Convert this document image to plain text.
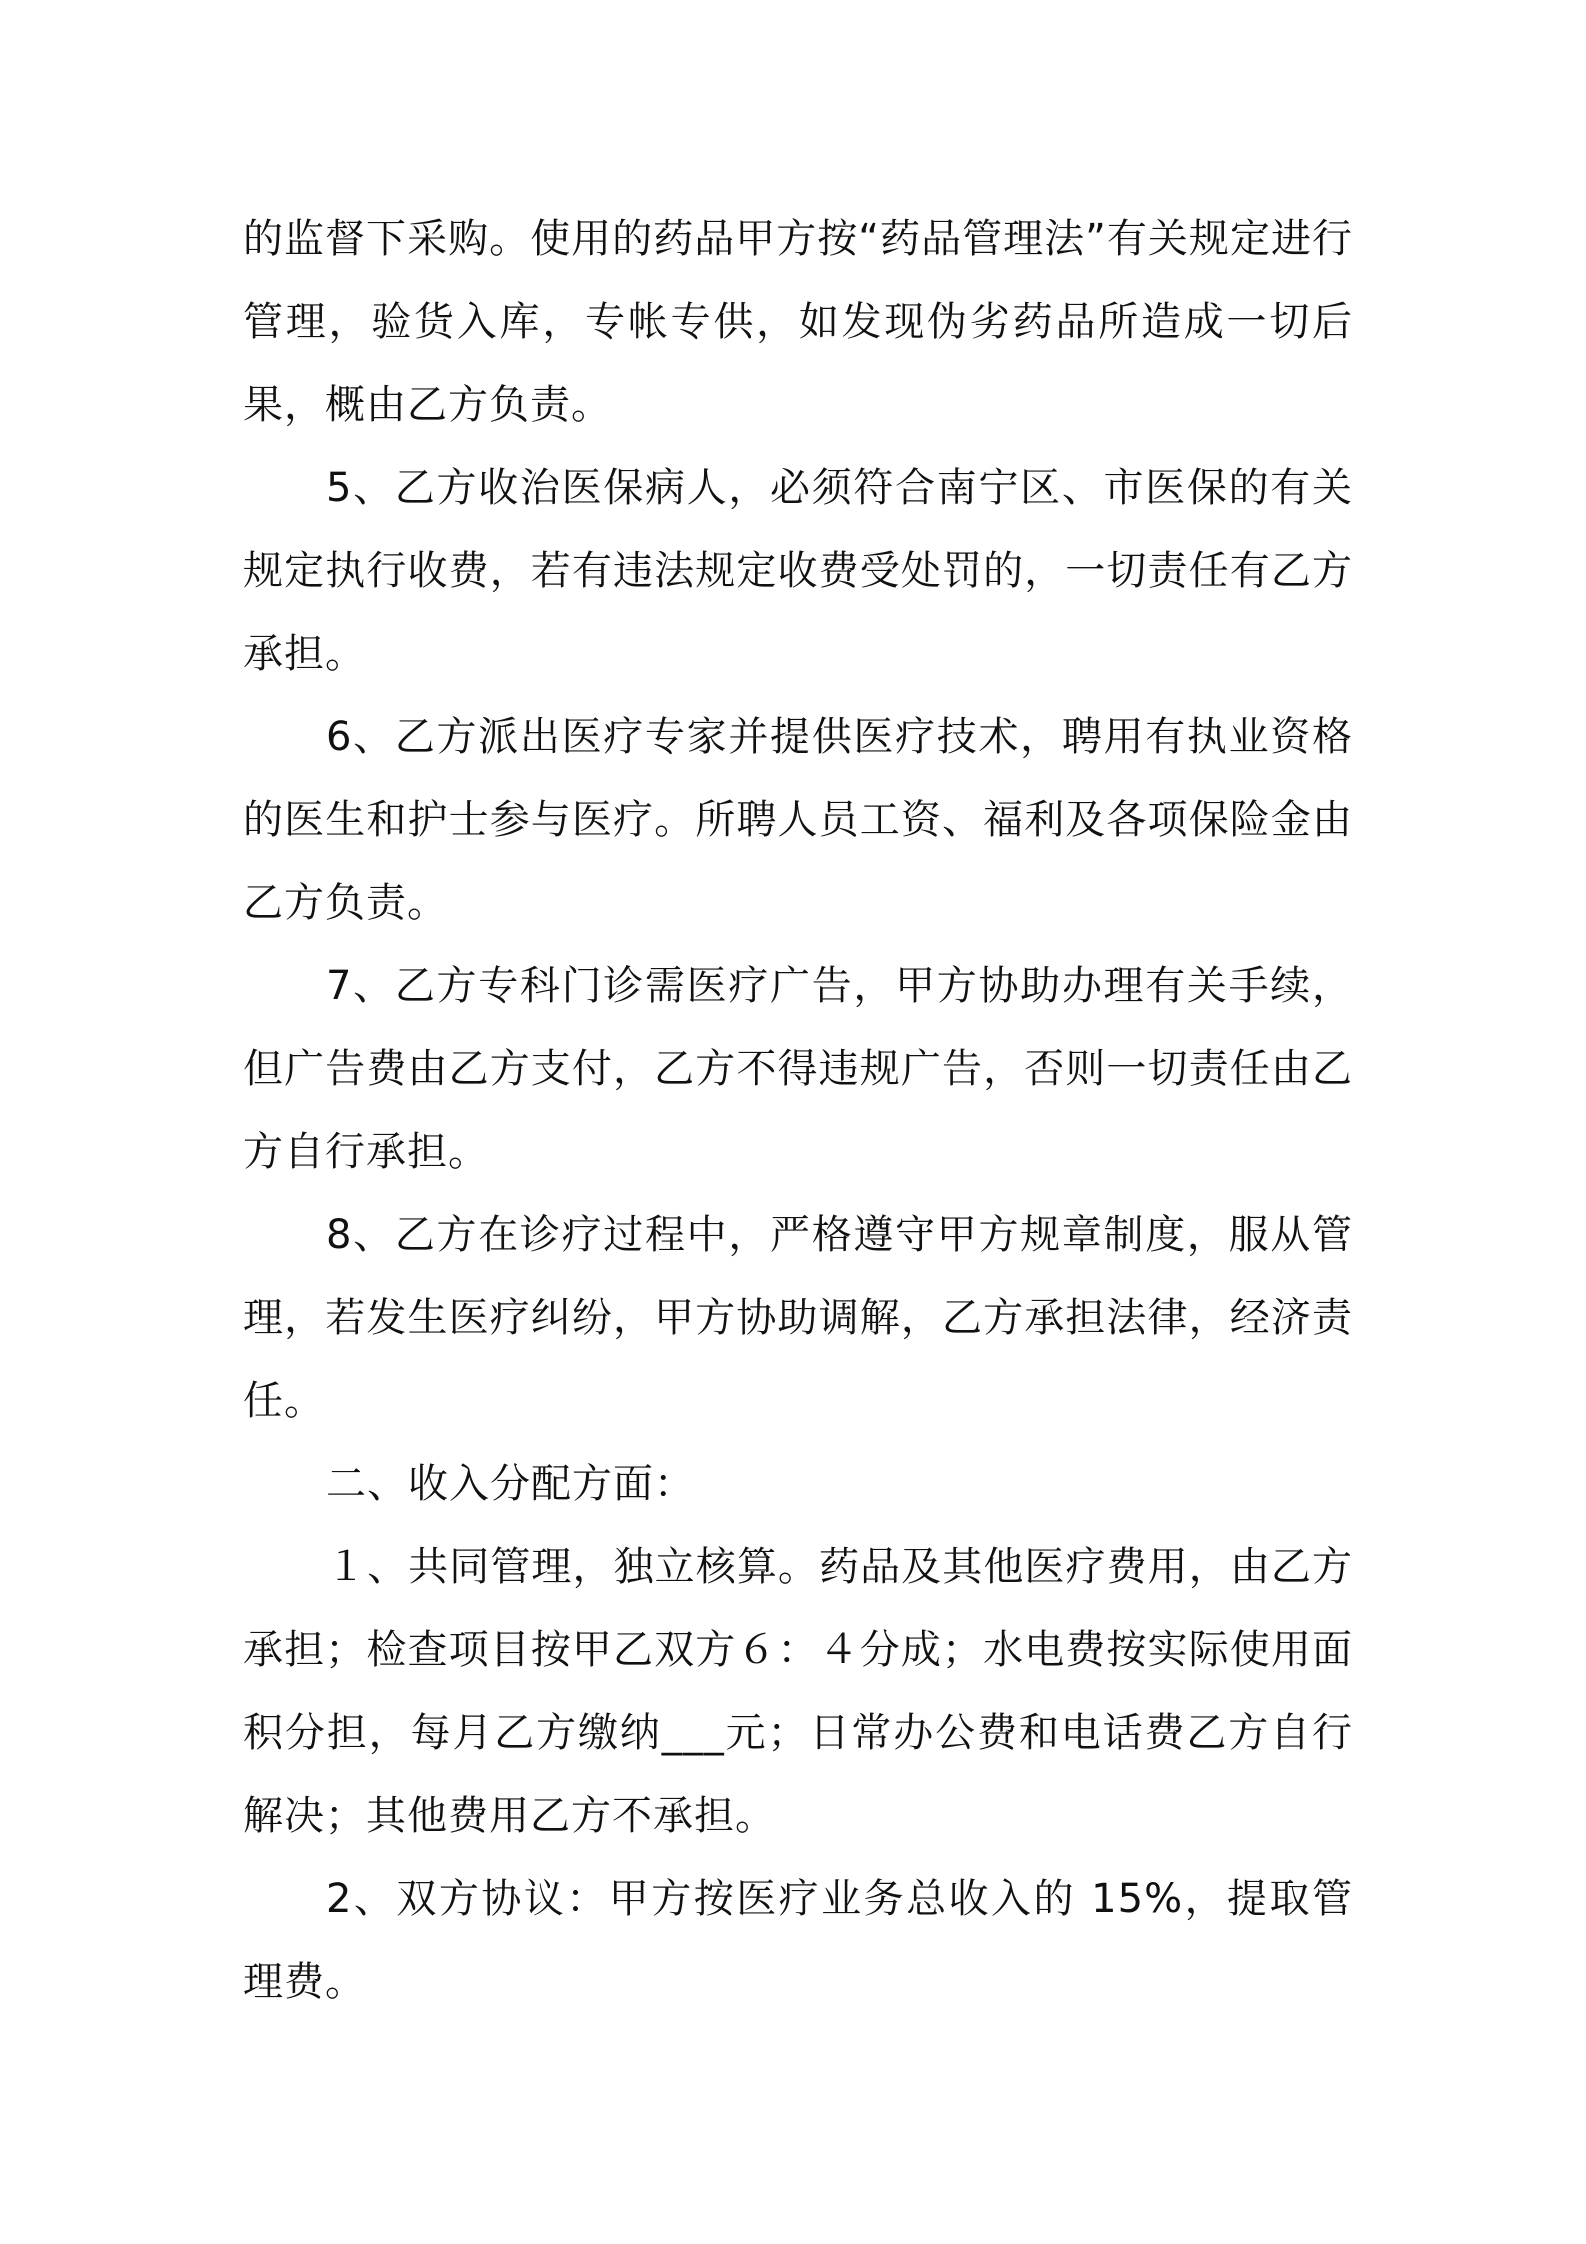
的监督下采购。使用的药品甲方按“药品管理法”有关规定进行管理，验货入库，专帐专供，如发现伪劣药品所造成一切后果，概由乙方负责。

5、乙方收治医保病人，必须符合南宁区、市医保的有关规定执行收费，若有违法规定收费受处罚的，一切责任有乙方承担。

6、乙方派出医疗专家并提供医疗技术，聘用有执业资格的医生和护士参与医疗。所聘人员工资、福利及各项保险金由乙方负责。

7、乙方专科门诊需医疗广告，甲方协助办理有关手续，但广告费由乙方支付，乙方不得违规广告，否则一切责任由乙方自行承担。

8、乙方在诊疗过程中，严格遵守甲方规章制度，服从管理，若发生医疗纠纷，甲方协助调解，乙方承担法律，经济责任。

二、收入分配方面：

１、共同管理，独立核算。药品及其他医疗费用，由乙方承担；检查项目按甲乙双方６：４分成；水电费按实际使用面积分担，每月乙方缴纳___元；日常办公费和电话费乙方自行解决；其他费用乙方不承担。

2、双方协议：甲方按医疗业务总收入的 15%，提取管理费。
